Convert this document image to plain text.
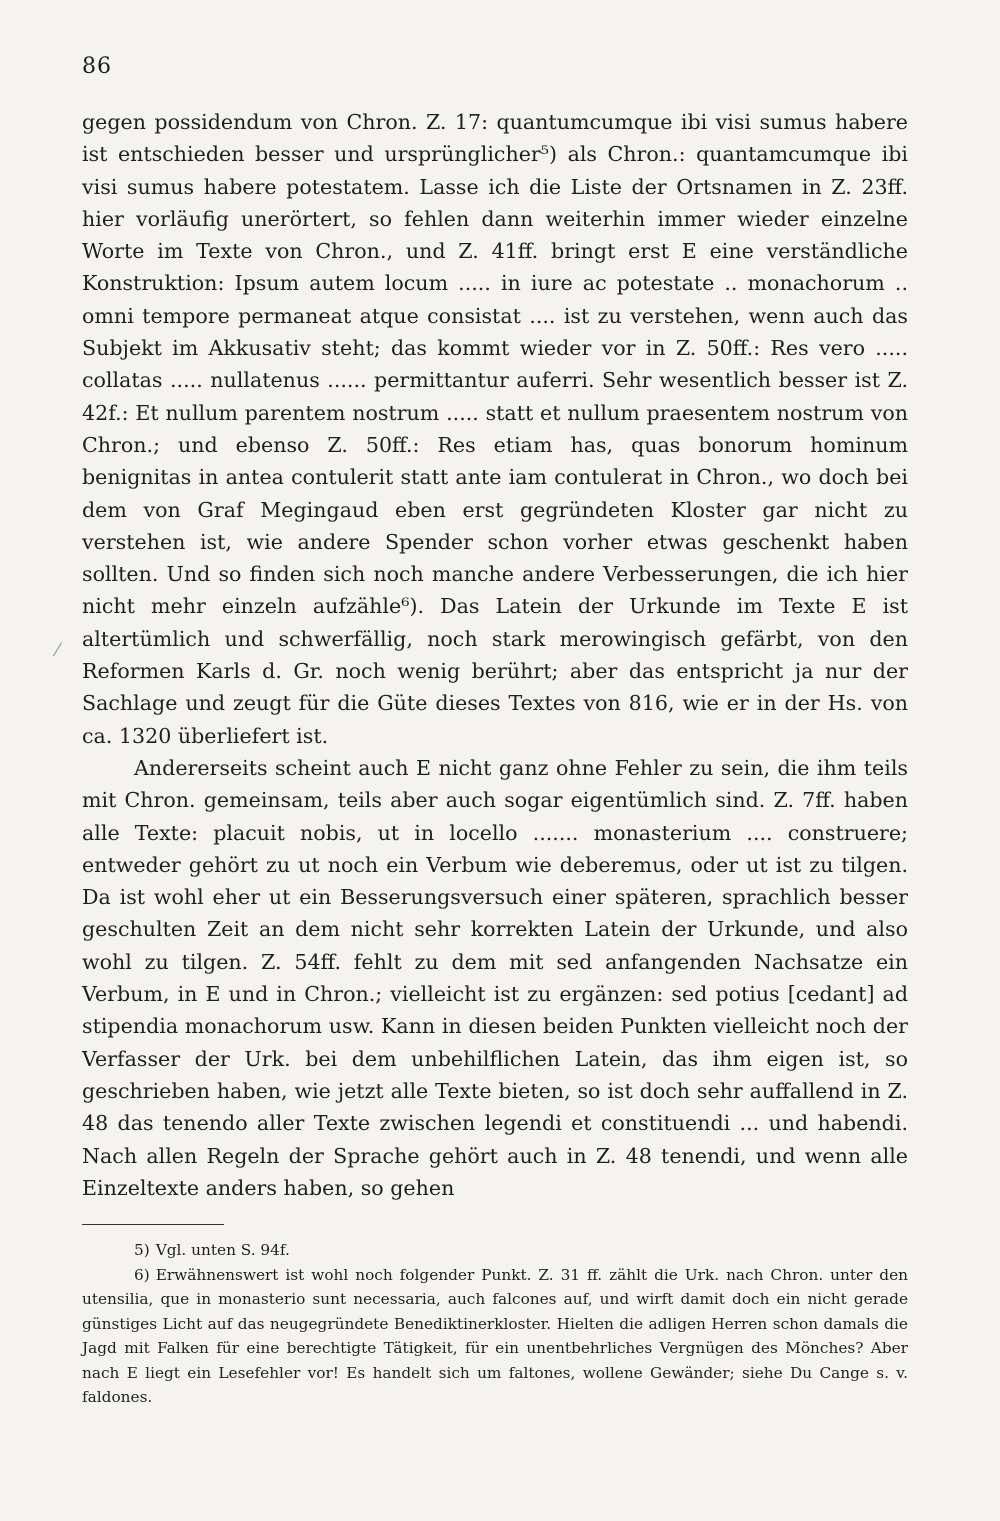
86
⁄

gegen possidendum von Chron. Z. 17: quantumcumque ibi visi sumus habere ist entschieden besser und ursprünglicher⁵) als Chron.: quantamcumque ibi visi sumus habere potestatem. Lasse ich die Liste der Ortsnamen in Z. 23ff. hier vorläufig unerörtert, so fehlen dann weiterhin immer wieder einzelne Worte im Texte von Chron., und Z. 41ff. bringt erst E eine verständliche Konstruktion: Ipsum autem locum ..... in iure ac potestate .. monachorum .. omni tempore permaneat atque consistat .... ist zu verstehen, wenn auch das Subjekt im Akkusativ steht; das kommt wieder vor in Z. 50ff.: Res vero ..... collatas ..... nullatenus ...... permittantur auferri. Sehr wesentlich besser ist Z. 42f.: Et nullum parentem nostrum ..... statt et nullum praesentem nostrum von Chron.; und ebenso Z. 50ff.: Res etiam has, quas bonorum hominum benignitas in antea contulerit statt ante iam contulerat in Chron., wo doch bei dem von Graf Megingaud eben erst gegründeten Kloster gar nicht zu verstehen ist, wie andere Spender schon vorher etwas geschenkt haben sollten. Und so finden sich noch manche andere Verbesserungen, die ich hier nicht mehr einzeln aufzähle⁶). Das Latein der Urkunde im Texte E ist altertümlich und schwerfällig, noch stark merowingisch gefärbt, von den Reformen Karls d. Gr. noch wenig berührt; aber das entspricht ja nur der Sachlage und zeugt für die Güte dieses Textes von 816, wie er in der Hs. von ca. 1320 überliefert ist.

Andererseits scheint auch E nicht ganz ohne Fehler zu sein, die ihm teils mit Chron. gemeinsam, teils aber auch sogar eigentümlich sind. Z. 7ff. haben alle Texte: placuit nobis, ut in locello ....... monasterium .... construere; entweder gehört zu ut noch ein Verbum wie deberemus, oder ut ist zu tilgen. Da ist wohl eher ut ein Besserungsversuch einer späteren, sprachlich besser geschulten Zeit an dem nicht sehr korrekten Latein der Urkunde, und also wohl zu tilgen. Z. 54ff. fehlt zu dem mit sed anfangenden Nachsatze ein Verbum, in E und in Chron.; vielleicht ist zu ergänzen: sed potius [cedant] ad stipendia monachorum usw. Kann in diesen beiden Punkten vielleicht noch der Verfasser der Urk. bei dem unbehilflichen Latein, das ihm eigen ist, so geschrieben haben, wie jetzt alle Texte bieten, so ist doch sehr auffallend in Z. 48 das tenendo aller Texte zwischen legendi et constituendi ... und habendi. Nach allen Regeln der Sprache gehört auch in Z. 48 tenendi, und wenn alle Einzeltexte anders haben, so gehen

5) Vgl. unten S. 94f.

6) Erwähnenswert ist wohl noch folgender Punkt. Z. 31 ff. zählt die Urk. nach Chron. unter den utensilia, que in monasterio sunt necessaria, auch falcones auf, und wirft damit doch ein nicht gerade günstiges Licht auf das neugegründete Benediktinerkloster. Hielten die adligen Herren schon damals die Jagd mit Falken für eine berechtigte Tätigkeit, für ein unentbehrliches Vergnügen des Mönches? Aber nach E liegt ein Lesefehler vor! Es handelt sich um faltones, wollene Gewänder; siehe Du Cange s. v. faldones.
